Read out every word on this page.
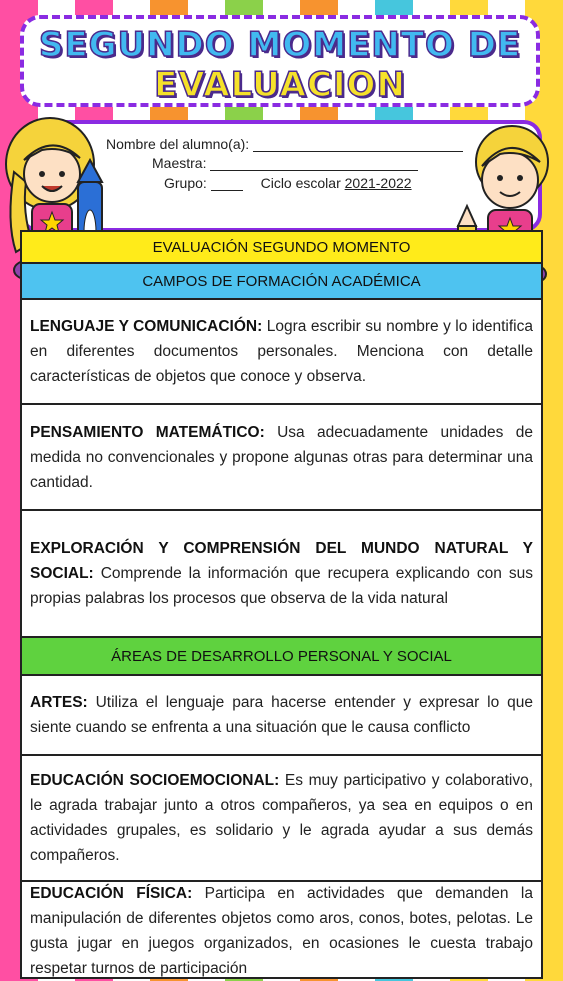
SEGUNDO MOMENTO DE
EVALUACION
Nombre del alumno(a):
Maestra:
Grupo:	Ciclo escolar 2021-2022
EVALUACIÓN SEGUNDO MOMENTO
CAMPOS DE FORMACIÓN ACADÉMICA
LENGUAJE Y COMUNICACIÓN: Logra escribir su nombre y lo identifica en diferentes documentos personales. Menciona con detalle características de objetos que conoce y observa.
PENSAMIENTO MATEMÁTICO: Usa adecuadamente unidades de medida no convencionales y propone algunas otras para determinar una cantidad.
EXPLORACIÓN Y COMPRENSIÓN DEL MUNDO NATURAL Y SOCIAL: Comprende la información que recupera explicando con sus propias palabras los procesos que observa de la vida natural
ÁREAS DE DESARROLLO PERSONAL Y SOCIAL
ARTES: Utiliza el lenguaje para hacerse entender y expresar lo que siente cuando se enfrenta a una situación que le causa conflicto
EDUCACIÓN SOCIOEMOCIONAL: Es muy participativo y colaborativo, le agrada trabajar junto a otros compañeros, ya sea en equipos o en actividades grupales, es solidario y le agrada ayudar a sus demás compañeros.
EDUCACIÓN FÍSICA: Participa en actividades que demanden la manipulación de diferentes objetos como aros, conos, botes, pelotas. Le gusta jugar en juegos organizados, en ocasiones le cuesta trabajo respetar turnos de participación
